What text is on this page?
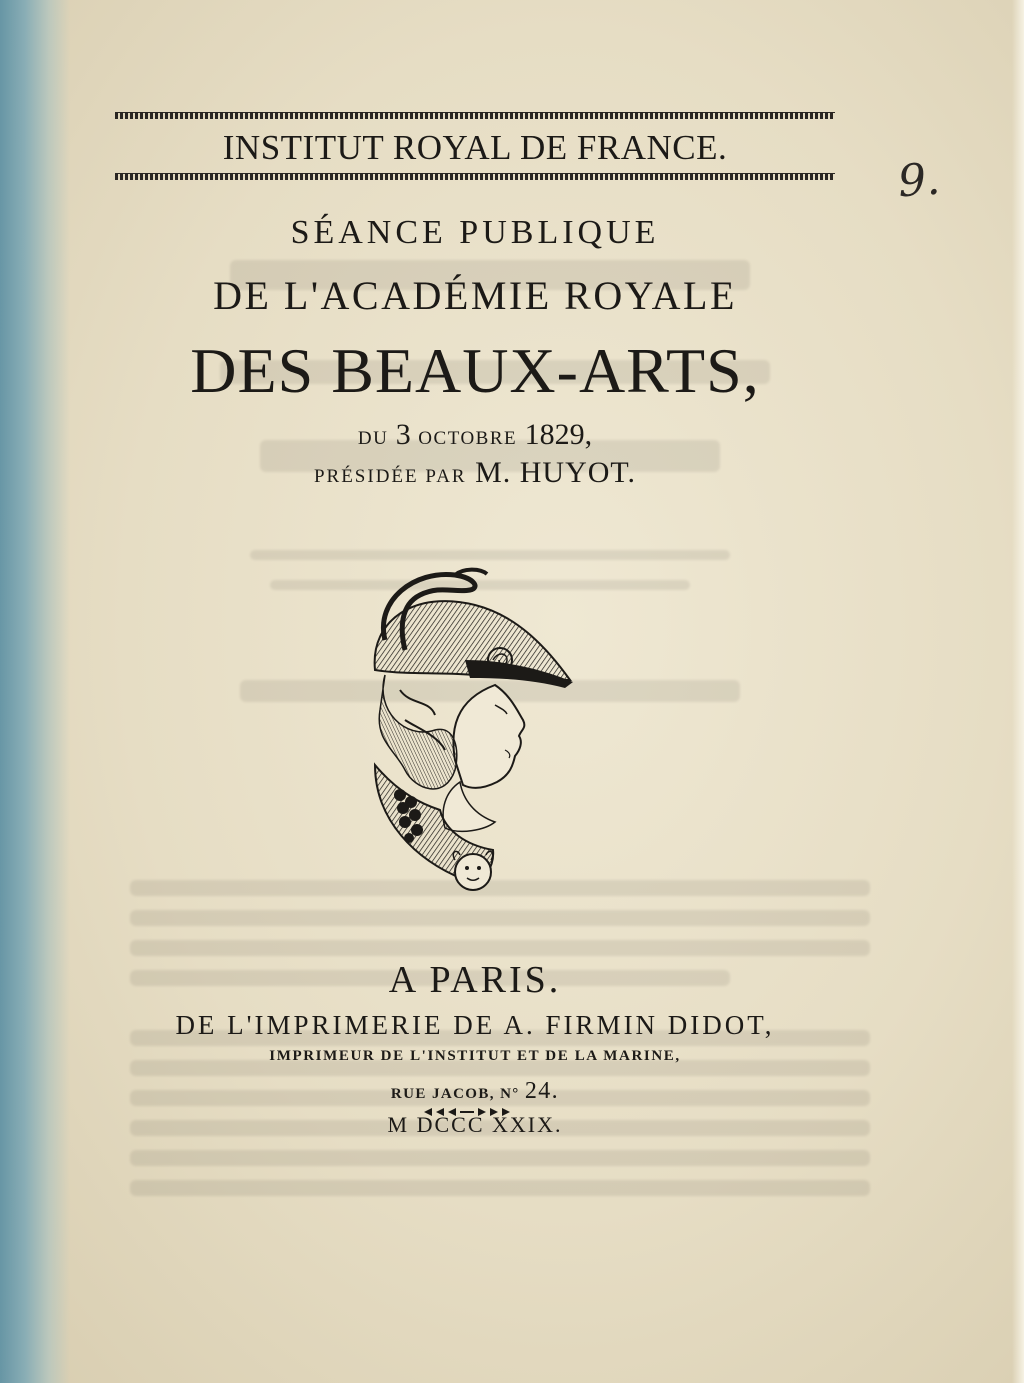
INSTITUT ROYAL DE FRANCE.
9.
SÉANCE PUBLIQUE
DE L'ACADÉMIE ROYALE
DES BEAUX-ARTS,
DU 3 OCTOBRE 1829,
PRÉSIDÉE PAR M. HUYOT.
A PARIS.
DE L'IMPRIMERIE DE A. FIRMIN DIDOT,
IMPRIMEUR DE L'INSTITUT ET DE LA MARINE,
RUE JACOB, N° 24.
M DCCC XXIX.
